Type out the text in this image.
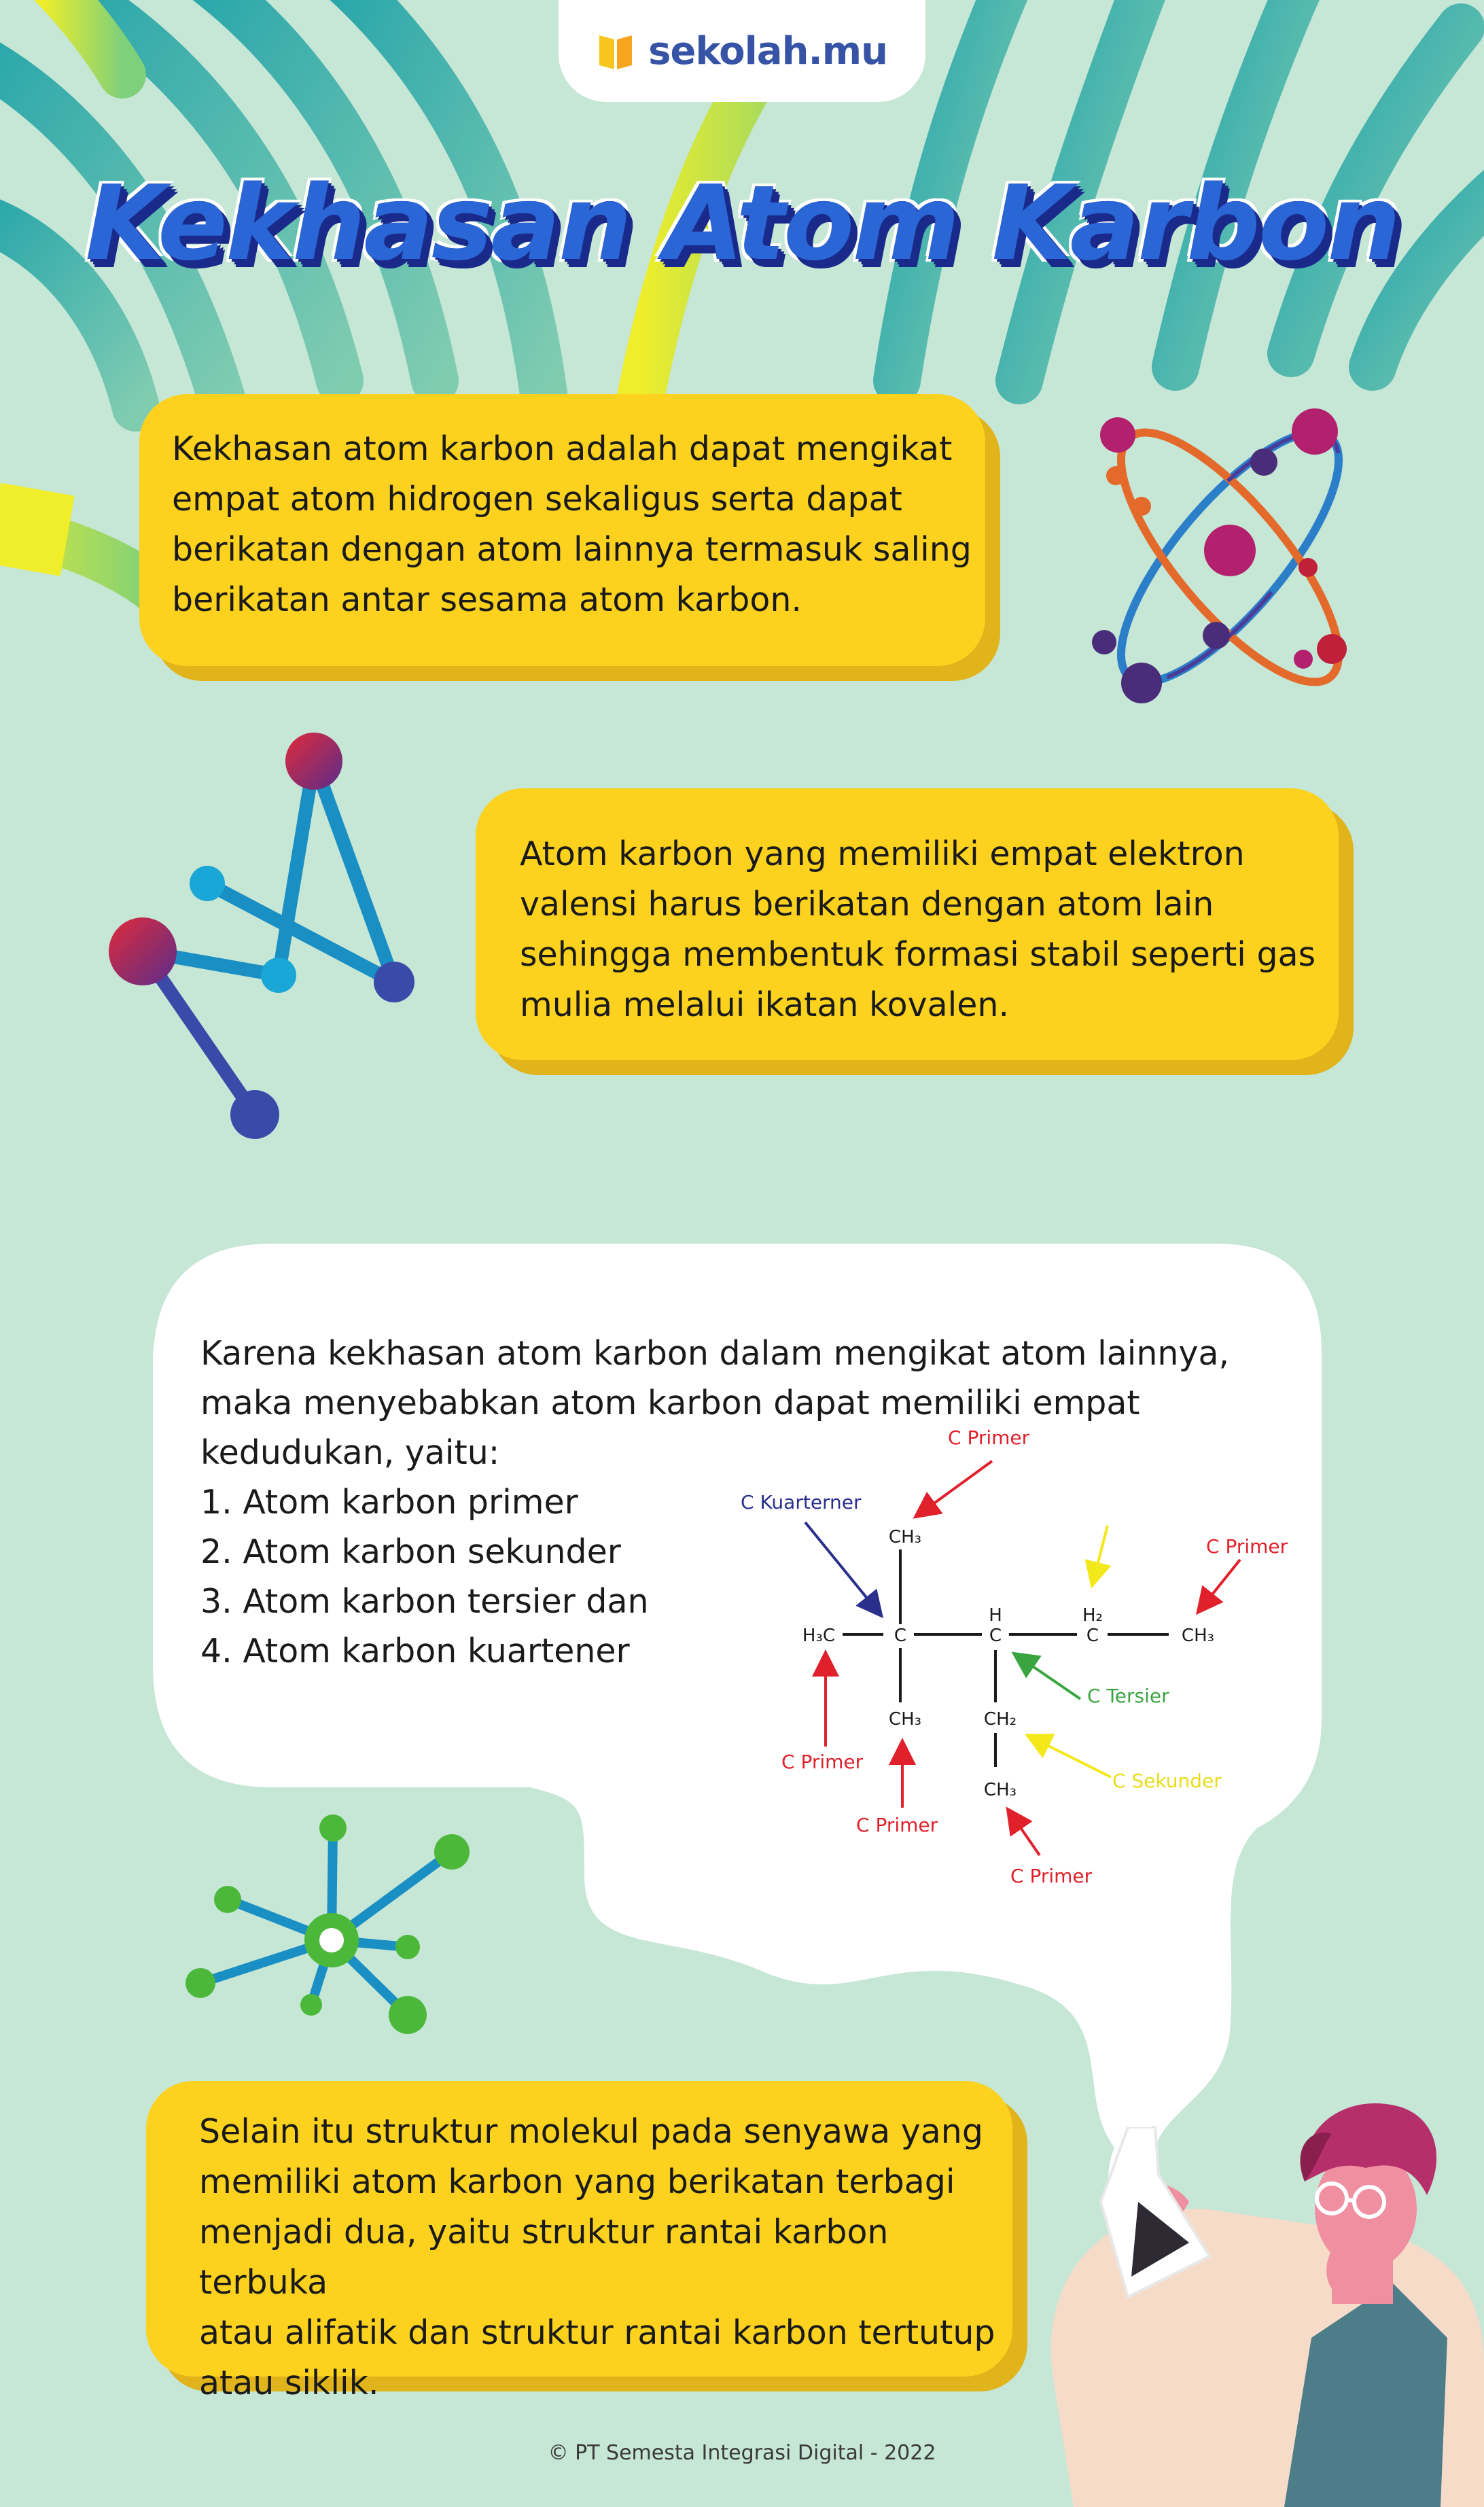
sekolah.mu
Kekhasan Atom Karbon

Kekhasan atom karbon adalah dapat mengikat
empat atom hidrogen sekaligus serta dapat
berikatan dengan atom lainnya termasuk saling
berikatan antar sesama atom karbon.

Atom karbon yang memiliki empat elektron
valensi harus berikatan dengan atom lain
sehingga membentuk formasi stabil seperti gas
mulia melalui ikatan kovalen.

Karena kekhasan atom karbon dalam mengikat atom lainnya,

maka menyebabkan atom karbon dapat memiliki empat

kedudukan, yaitu:

1. Atom karbon primer

2. Atom karbon sekunder

3. Atom karbon tersier dan

4. Atom karbon kuartener

CH₃
H₃C	C
H
C
H₂
C	CH₃
CH₃	CH₂
CH₃
C Primer
C Kuarterner
C Primer
C Tersier
C Primer
C Sekunder
C Primer
C Primer

Selain itu struktur molekul pada senyawa yang
memiliki atom karbon yang berikatan terbagi
menjadi dua, yaitu struktur rantai karbon terbuka
atau alifatik dan struktur rantai karbon tertutup
atau siklik.

© PT Semesta Integrasi Digital - 2022
